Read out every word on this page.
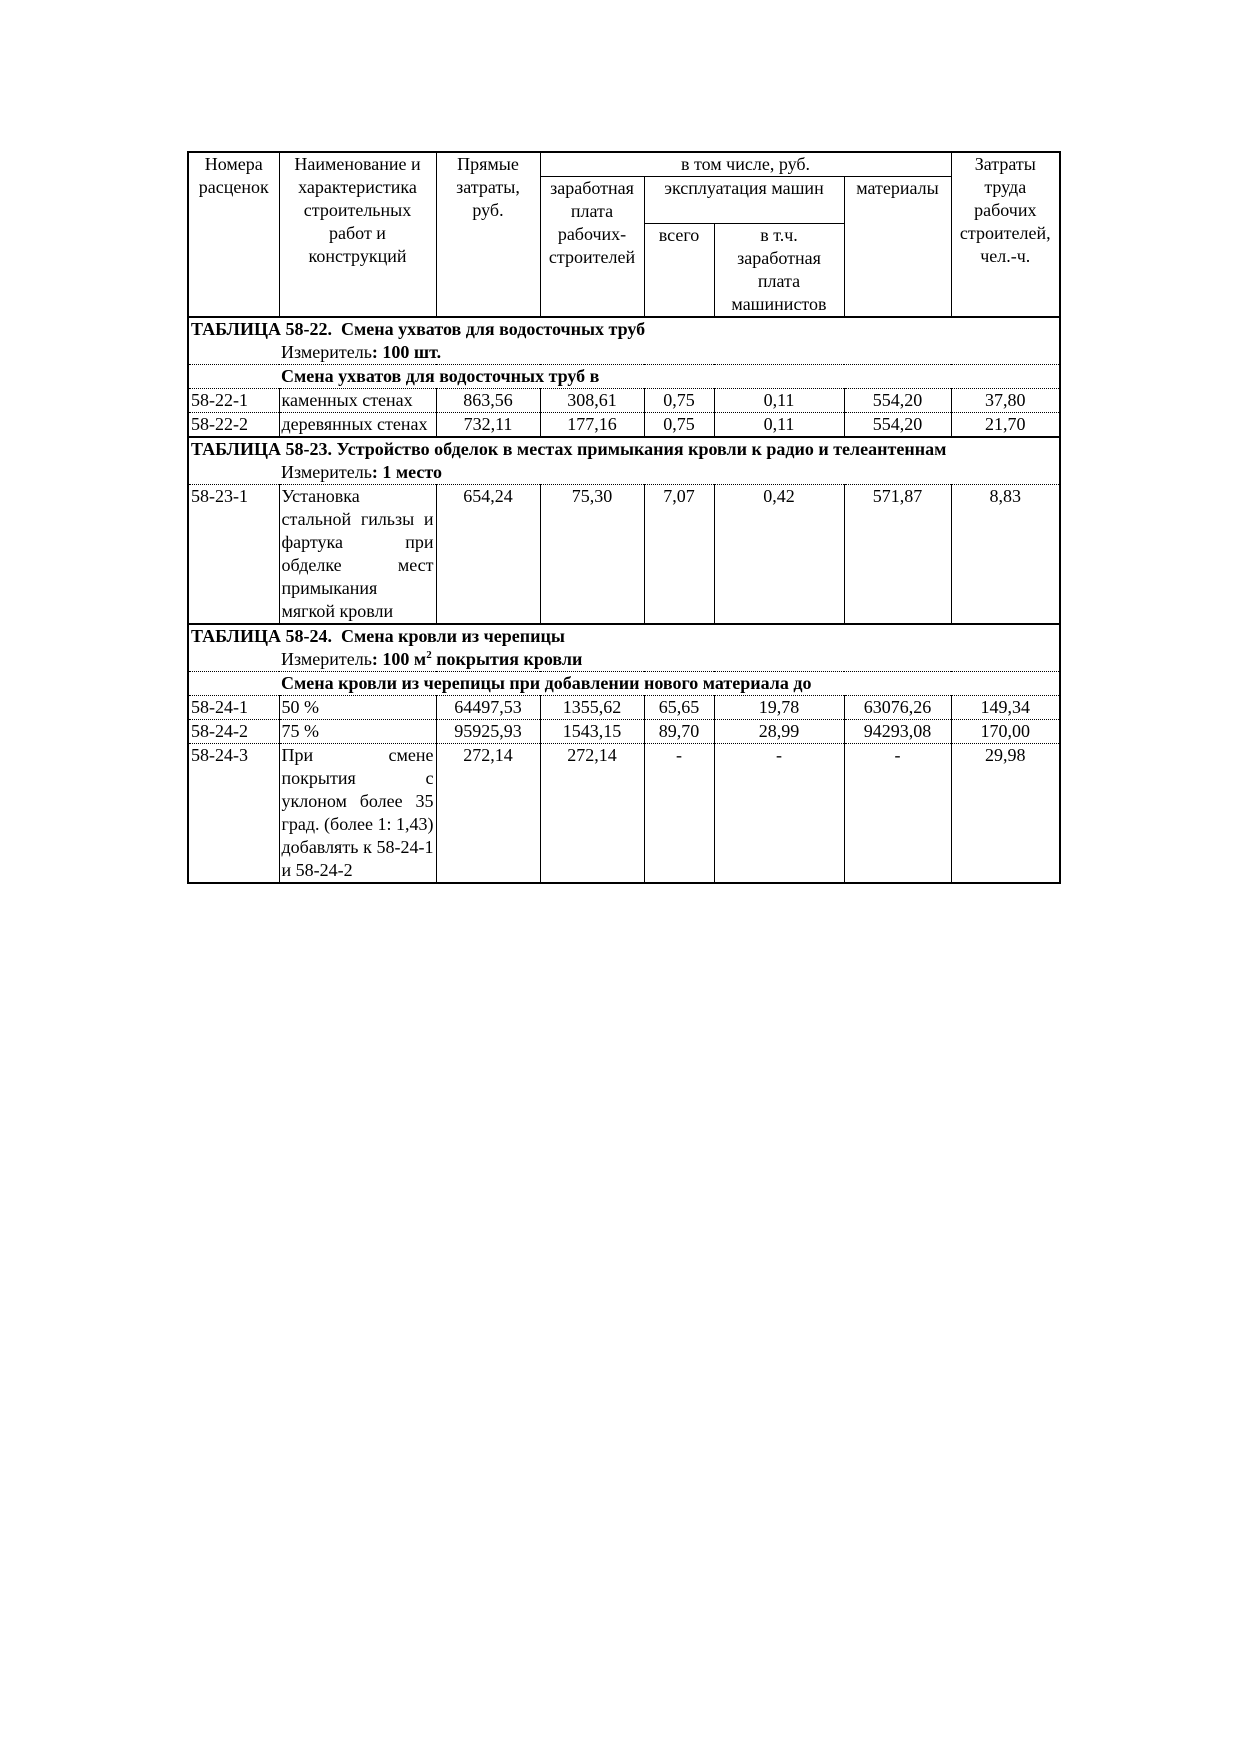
Номера расценок	Наименование и характеристика строительных работ и конструкций	Прямые затраты, руб.	в том числе, руб.				Затраты труда рабочих строителей, чел.-ч.
			заработная плата рабочих-строителей	эксплуатация машин		материалы	
				всего	в т.ч. заработная плата машинистов		
ТАБЛИЦА 58-22. Смена ухватов для водосточных труб							
Измеритель: 100 шт.							
Смена ухватов для водосточных труб в							
58-22-1	каменных стенах	863,56	308,61	0,75	0,11	554,20	37,80
58-22-2	деревянных стенах	732,11	177,16	0,75	0,11	554,20	21,70
ТАБЛИЦА 58-23. Устройство обделок в местах примыкания кровли к радио и телеантеннам							
Измеритель: 1 место							
58-23-1	Установка стальной гильзы и фартука при обделке мест примыкания мягкой кровли	654,24	75,30	7,07	0,42	571,87	8,83
ТАБЛИЦА 58-24. Смена кровли из черепицы							
Измеритель: 100 $м^2$ покрытия кровли							
Смена кровли из черепицы при добавлении нового материала до							
58-24-1	50 %	64497,53	1355,62	65,65	19,78	63076,26	149,34
58-24-2	75 %	95925,93	1543,15	89,70	28,99	94293,08	170,00
58-24-3	При смене покрытия с уклоном более 35 град. (более 1: 1,43) добавлять к 58-24-1 и 58-24-2	272,14	272,14	-	-	-	29,98
